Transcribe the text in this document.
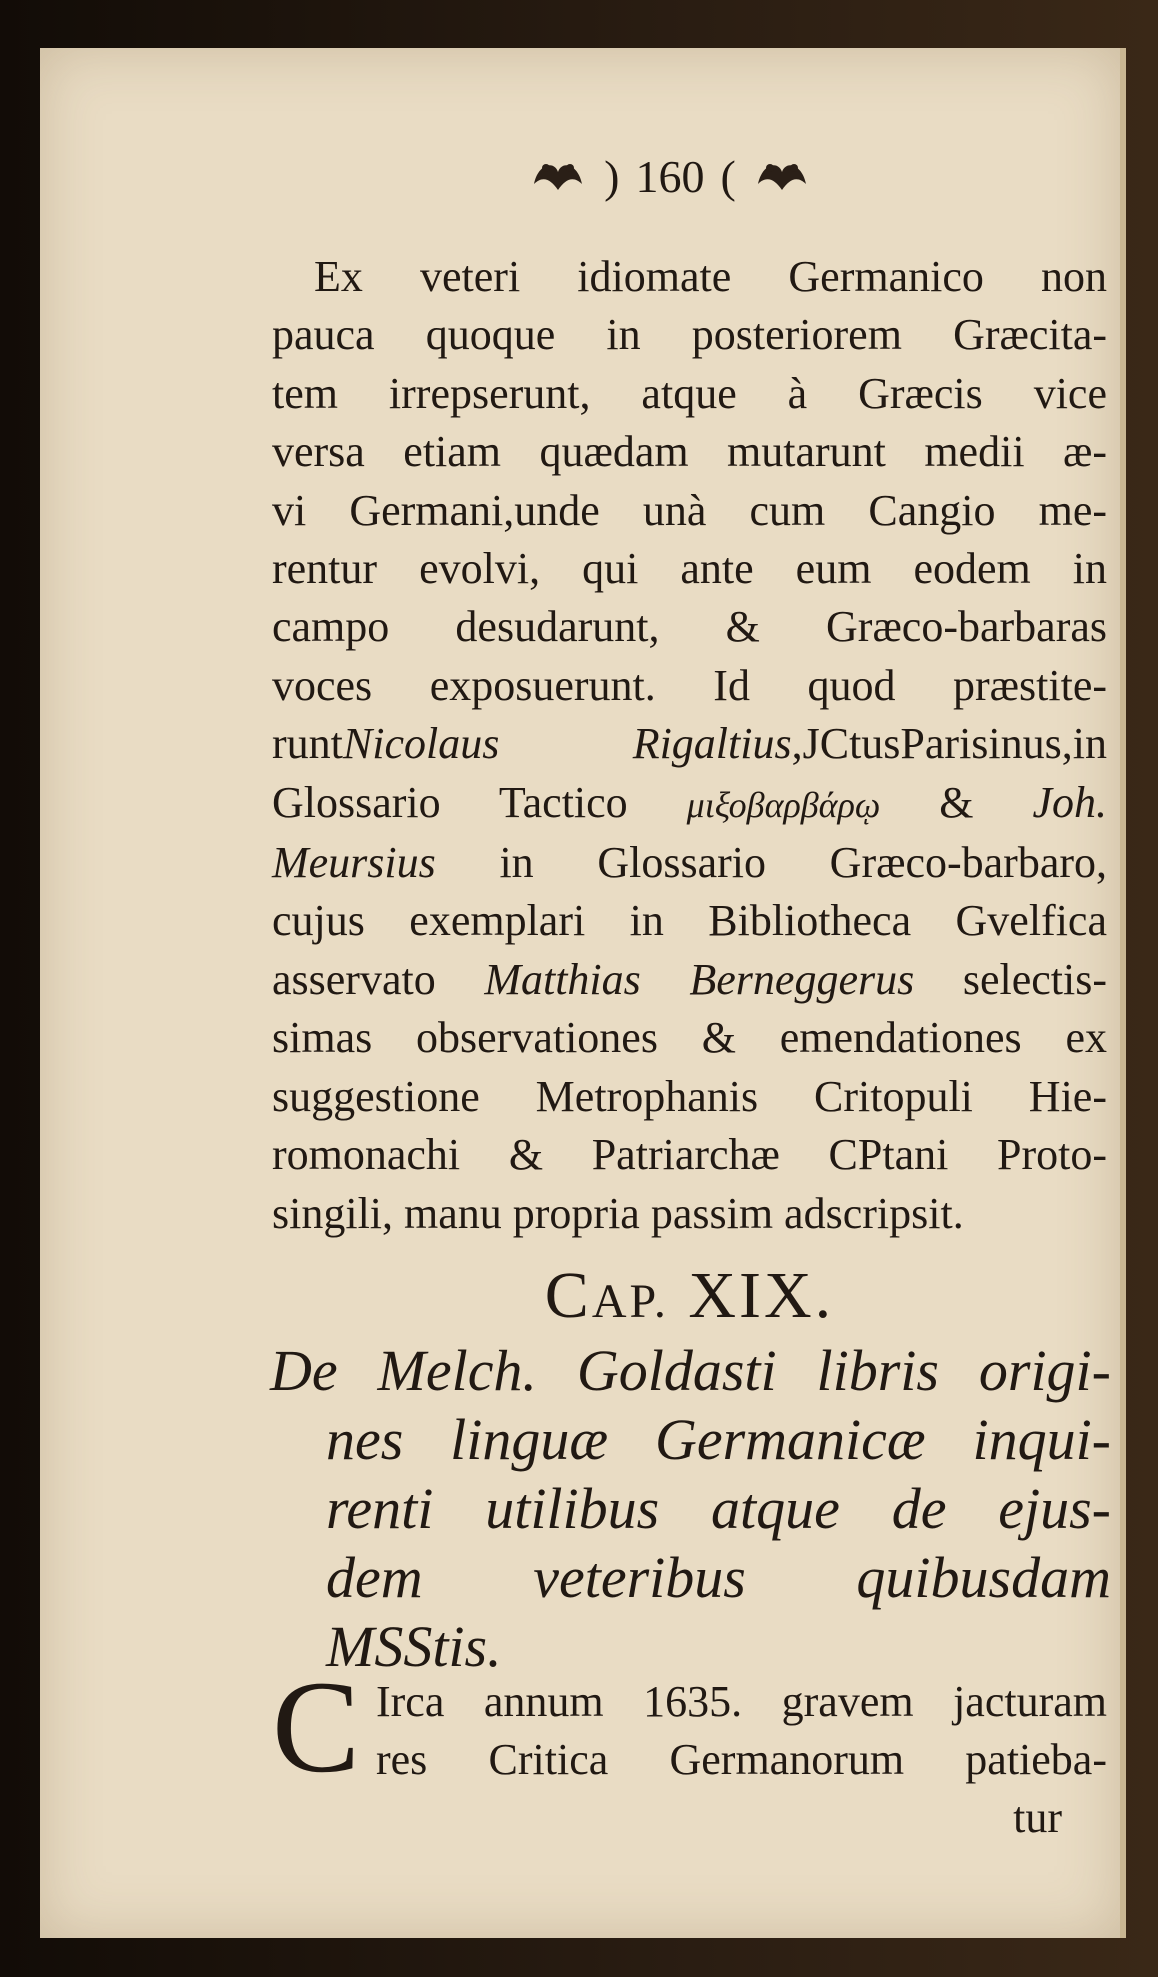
) 160 (
Ex veteri idiomate Germanico non
pauca quoque in posteriorem Græcita-
tem irrepserunt, atque à Græcis vice
versa etiam quædam mutarunt medii æ-
vi Germani,unde unà cum Cangio me-
rentur evolvi, qui ante eum eodem in
campo desudarunt, & Græco-barbaras
voces exposuerunt. Id quod præstite-
runtNicolaus Rigaltius,JCtusParisinus,in
Glossario Tactico μιξοβαρβάρῳ & Joh.
Meursius in Glossario Græco-barbaro,
cujus exemplari in Bibliotheca Gvelfica
asservato Matthias Berneggerus selectis-
simas observationes & emendationes ex
suggestione Metrophanis Critopuli Hie-
romonachi & Patriarchæ CPtani Proto-
singili, manu propria passim adscripsit.
CAP. XIX.
De Melch. Goldasti libris origi-
nes linguæ Germanicæ inqui-
renti utilibus atque de ejus-
dem veteribus quibusdam
MSStis.
C Irca annum 1635. gravem jacturam
res Critica Germanorum patieba-
tur
